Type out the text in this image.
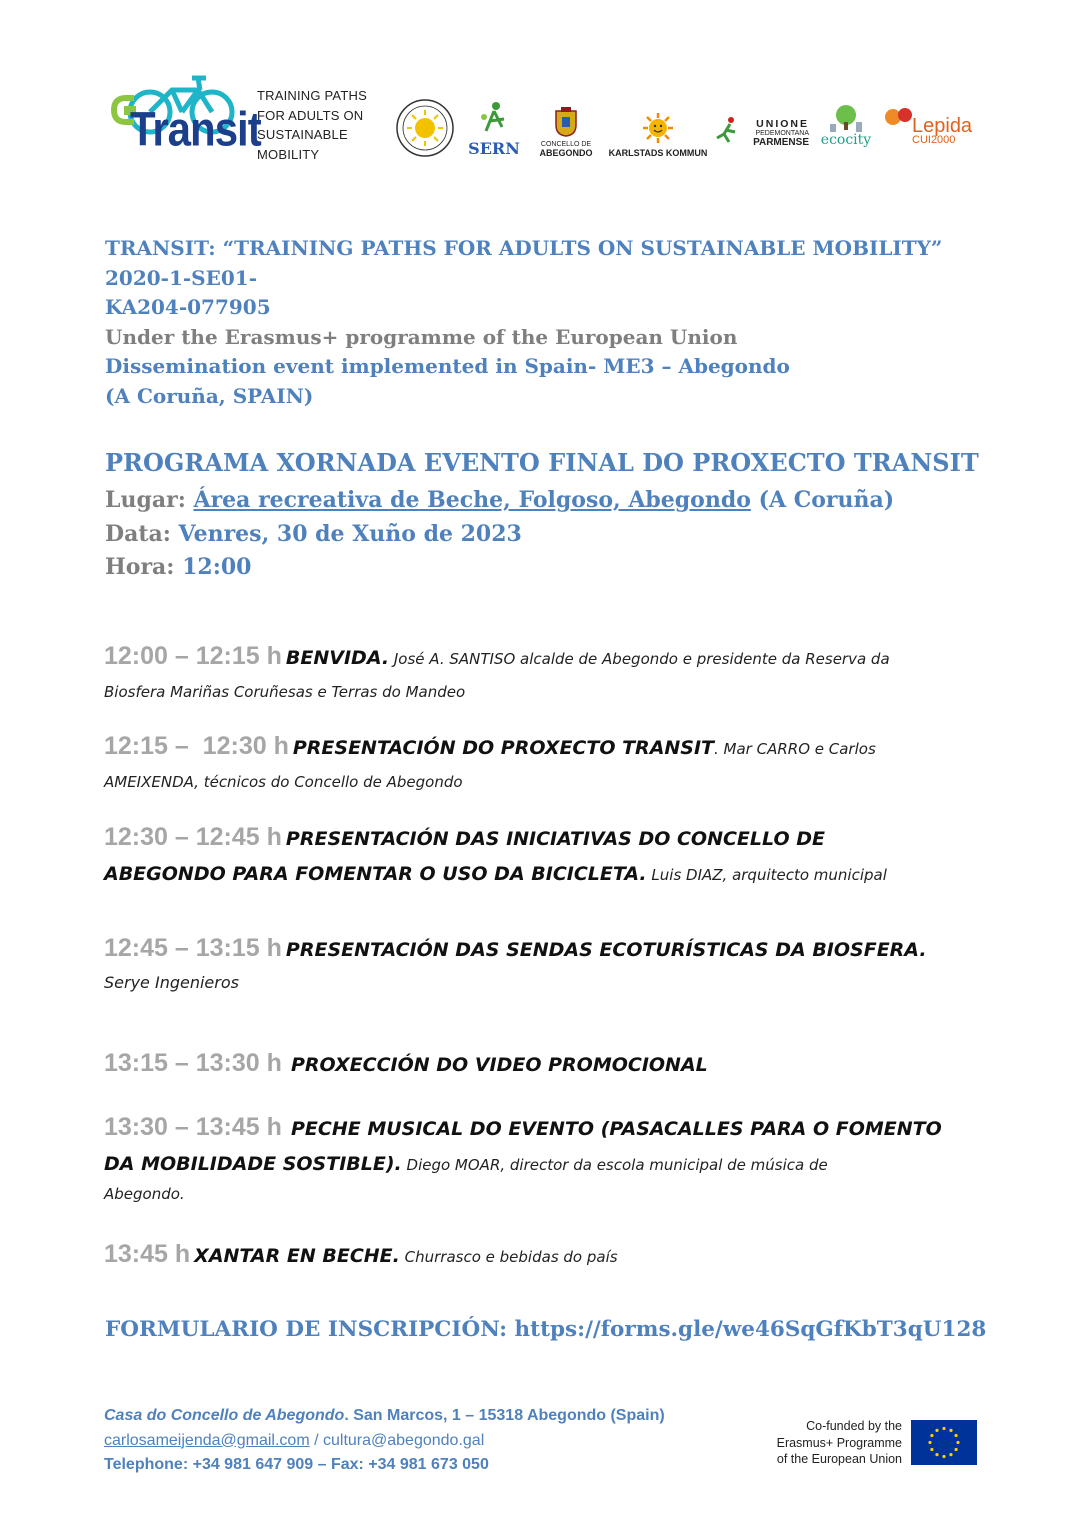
Transit
TRAINING PATHS
FOR ADULTS ON
SUSTAINABLE
MOBILITY	SERN	CONCELLO DE
ABEGONDO KARLSTADS KOMMUN
UNIONE
PEDEMONTANA
PARMENSE ecocity
Lepida
CUI2000
TRANSIT: “TRAINING PATHS FOR ADULTS ON SUSTAINABLE MOBILITY” 2020-1-SE01-
KA204-077905
Under the Erasmus+ programme of the European Union
Dissemination event implemented in Spain- ME3 – Abegondo
(A Coruña, SPAIN)
PROGRAMA XORNADA EVENTO FINAL DO PROXECTO TRANSIT
Lugar: Área recreativa de Beche, Folgoso, Abegondo (A Coruña)
Data: Venres, 30 de Xuño de 2023
Hora: 12:00
12:00 – 12:15 h BENVIDA. José A. SANTISO alcalde de Abegondo e presidente da Reserva da
Biosfera Mariñas Coruñesas e Terras do Mandeo
12:15 –  12:30 h PRESENTACIÓN DO PROXECTO TRANSIT. Mar CARRO e Carlos
AMEIXENDA, técnicos do Concello de Abegondo
12:30 – 12:45 h PRESENTACIÓN DAS INICIATIVAS DO CONCELLO DE
ABEGONDO PARA FOMENTAR O USO DA BICICLETA. Luis DIAZ, arquitecto municipal
12:45 – 13:15 h PRESENTACIÓN DAS SENDAS ECOTURÍSTICAS DA BIOSFERA.
Serye Ingenieros
13:15 – 13:30 h PROXECCIÓN DO VIDEO PROMOCIONAL
13:30 – 13:45 h PECHE MUSICAL DO EVENTO (PASACALLES PARA O FOMENTO
DA MOBILIDADE SOSTIBLE). Diego MOAR, director da escola municipal de música de
Abegondo.
13:45 h XANTAR EN BECHE. Churrasco e bebidas do país
FORMULARIO DE INSCRIPCIÓN: https://forms.gle/we46SqGfKbT3qU128
Casa do Concello de Abegondo. San Marcos, 1 – 15318 Abegondo (Spain)
carlosameijenda@gmail.com / cultura@abegondo.gal
Telephone: +34 981 647 909 – Fax: +34 981 673 050
Co-funded by the
Erasmus+ Programme
of the European Union
